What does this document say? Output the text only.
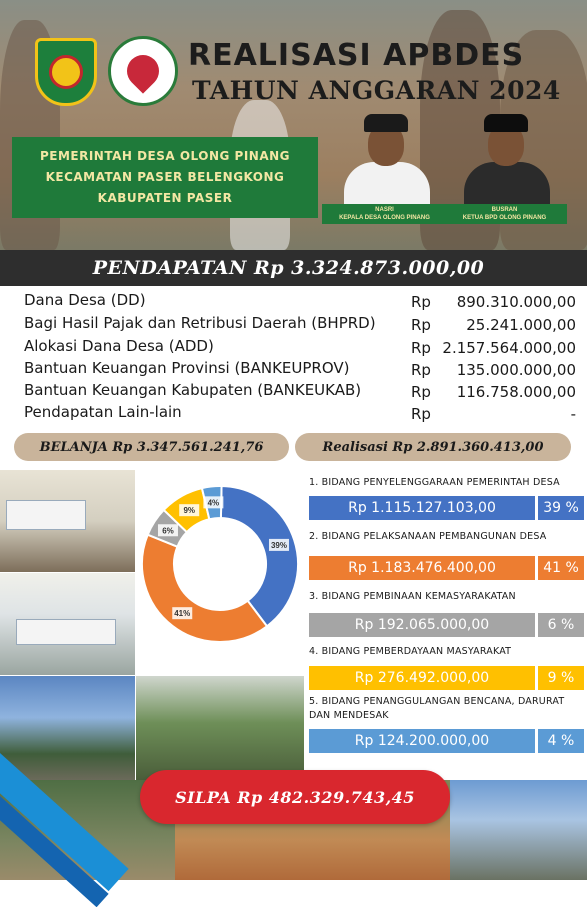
REALISASI APBDES
TAHUN ANGGARAN 2024
PEMERINTAH DESA OLONG PINANG
KECAMATAN PASER BELENGKONG
KABUPATEN PASER
NASRI
KEPALA DESA OLONG PINANG
BUSRAN
KETUA BPD OLONG PINANG
PENDAPATAN Rp 3.324.873.000,00
Dana Desa (DD)	Rp 890.310.000,00
Bagi Hasil Pajak dan Retribusi Daerah (BHPRD) Rp 25.241.000,00
Alokasi Dana Desa (ADD)	Rp 2.157.564.000,00
Bantuan Keuangan Provinsi (BANKEUPROV)	Rp 135.000.000,00
Bantuan Keuangan Kabupaten (BANKEUKAB)	Rp 116.758.000,00
Pendapatan Lain-lain	Rp	-
BELANJA Rp 3.347.561.241,76	Realisasi Rp 2.891.360.413,00
39%
41%
6%
9%
4%
1. BIDANG PENYELENGGARAAN PEMERINTAH DESA
Rp 1.115.127.103,00	39 %
2. BIDANG PELAKSANAAN PEMBANGUNAN DESA
Rp 1.183.476.400,00	41 %
3. BIDANG PEMBINAAN KEMASYARAKATAN
Rp 192.065.000,00	6 %
4. BIDANG PEMBERDAYAAN MASYARAKAT
Rp 276.492.000,00	9 %
5. BIDANG PENANGGULANGAN BENCANA, DARURAT DAN MENDESAK
Rp 124.200.000,00	4 %
SILPA Rp 482.329.743,45
